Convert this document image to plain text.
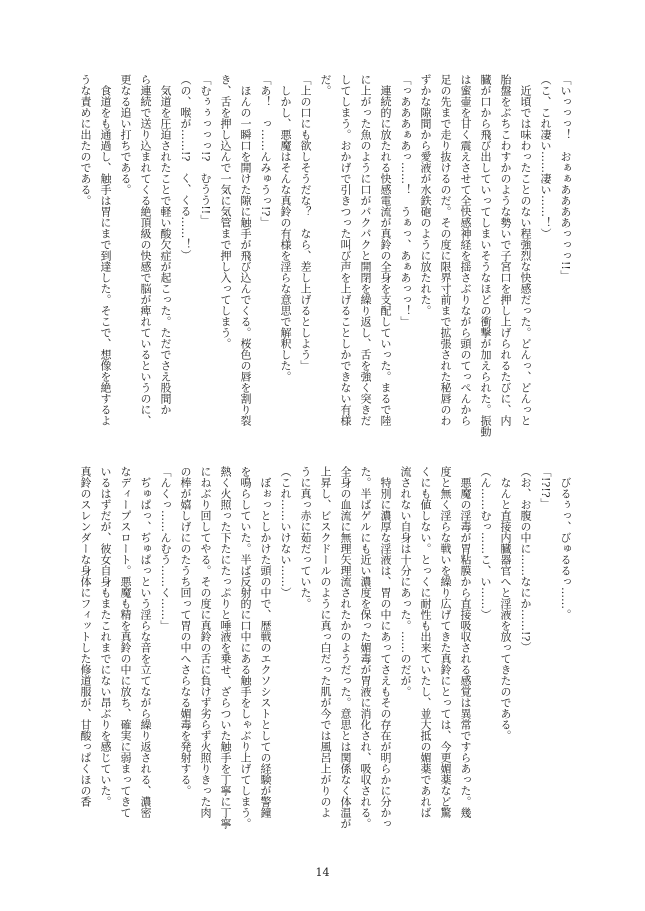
「いっっっ！　おぁぁああああっっっ!!」
（こ、これ凄い……凄い……！）
　近頃では味わったことのない程強烈な快感だった。どんっ、どんっと
胎盤をぶちこわすかのような勢いで子宮口を押し上げられるたびに、内
臓が口から飛び出していってしまいそうなほどの衝撃が加えられた。振動
は蜜壷を甘く震えさせて全快感神経を揺さぶりながら頭のてっぺんから
足の先まで走り抜けるのだ。その度に限界寸前まで拡張された秘唇のわ
ずかな隙間から愛液が水鉄砲のように放たれた。
「っあああぁあっ……！　うぁっ、あぁあっっ！」
　連続的に放たれる快感電流が真鈴の全身を支配していった。まるで陸
に上がった魚のように口がパクパクと開閉を繰り返し、舌を強く突きだ
してしまう。おかげで引きつった叫び声を上げることしかできない有様
だ。
「上の口にも欲しそうだな？　なら、差し上げるとしよう」
　しかし、悪魔はそんな真鈴の有様を淫らな意思で解釈した。
「あ！　っ……んみゅうっ!?」
　ほんの一瞬口を開けた隙に触手が飛び込んでくる。桜色の唇を割り裂
き、舌を押し込んで一気に気管まで押し入ってしまう。
「むぅぅっっっ!?　むうう!!」
（の、喉が……!?　く、くる……！）
　気道を圧迫されたことで軽い酸欠症が起こった。ただでさえ股間か
ら連続で送り込まれてくる絶頂級の快感で脳が痺れているというのに、
更なる追い打ちである。
　食道をも通過し、触手は胃にまで到達した。そこで、想像を絶するよ
うな責めに出たのである。
　びるぅっ、びゅるるっ……。
「!?!?」
（お、お腹の中に……なにか……!?）
　なんと直接内臓器官へと淫液を放ってきたのである。
（ん……むっ……こ、い……）
　悪魔の淫毒が胃粘膜から直接吸収される感覚は異常ですらあった。幾
度と無く淫らな戦いを繰り広げてきた真鈴にとっては、今更媚薬など驚
くにも値しない。とっくに耐性も出来ていたし、並大抵の媚薬であれば
流されない自身は十分にあった。……のだが。
　特別に濃厚な淫液は、胃の中にあってさえもその存在が明らかに分かっ
た。半ばゲルにも近い濃度を保った媚毒が胃液に消化され、吸収される。
全身の血流に無理矢理流されたかのようだった。意思とは関係なく体温が
上昇し、ビスクドールのように真っ白だった肌が今では風呂上がりのよ
うに真っ赤に茹だっていた。
（これ……いけない……）
　ぼぉっとしかけた頭の中で、歴戦のエクソシストとしての経験が警鐘
を鳴らしていた。半ば反射的に口中にある触手をしゃぶり上げてしまう。
熱く火照った下たにたっぷりと唾液を乗せ、ざらついた触手を丁寧に丁寧
にねぶり回してやる。その度に真鈴の舌に負けず劣らず火照りきった肉
の棒が嬉しげにのたうち回って胃の中へさらなる媚毒を発射する。
「んくっ……んむう……く……」
　ぢゅぱっ、ぢゅぱっという淫らな音を立てながら繰り返される、濃密
なディープスロート。悪魔も精を真鈴の中に放ち、確実に弱まってきて
いるはずだが、彼女自身もまたこれまでにない昂ぶりを感じていた。
真鈴のスレンダーな身体にフィットした修道服が、甘酸っぱくほの香
14
